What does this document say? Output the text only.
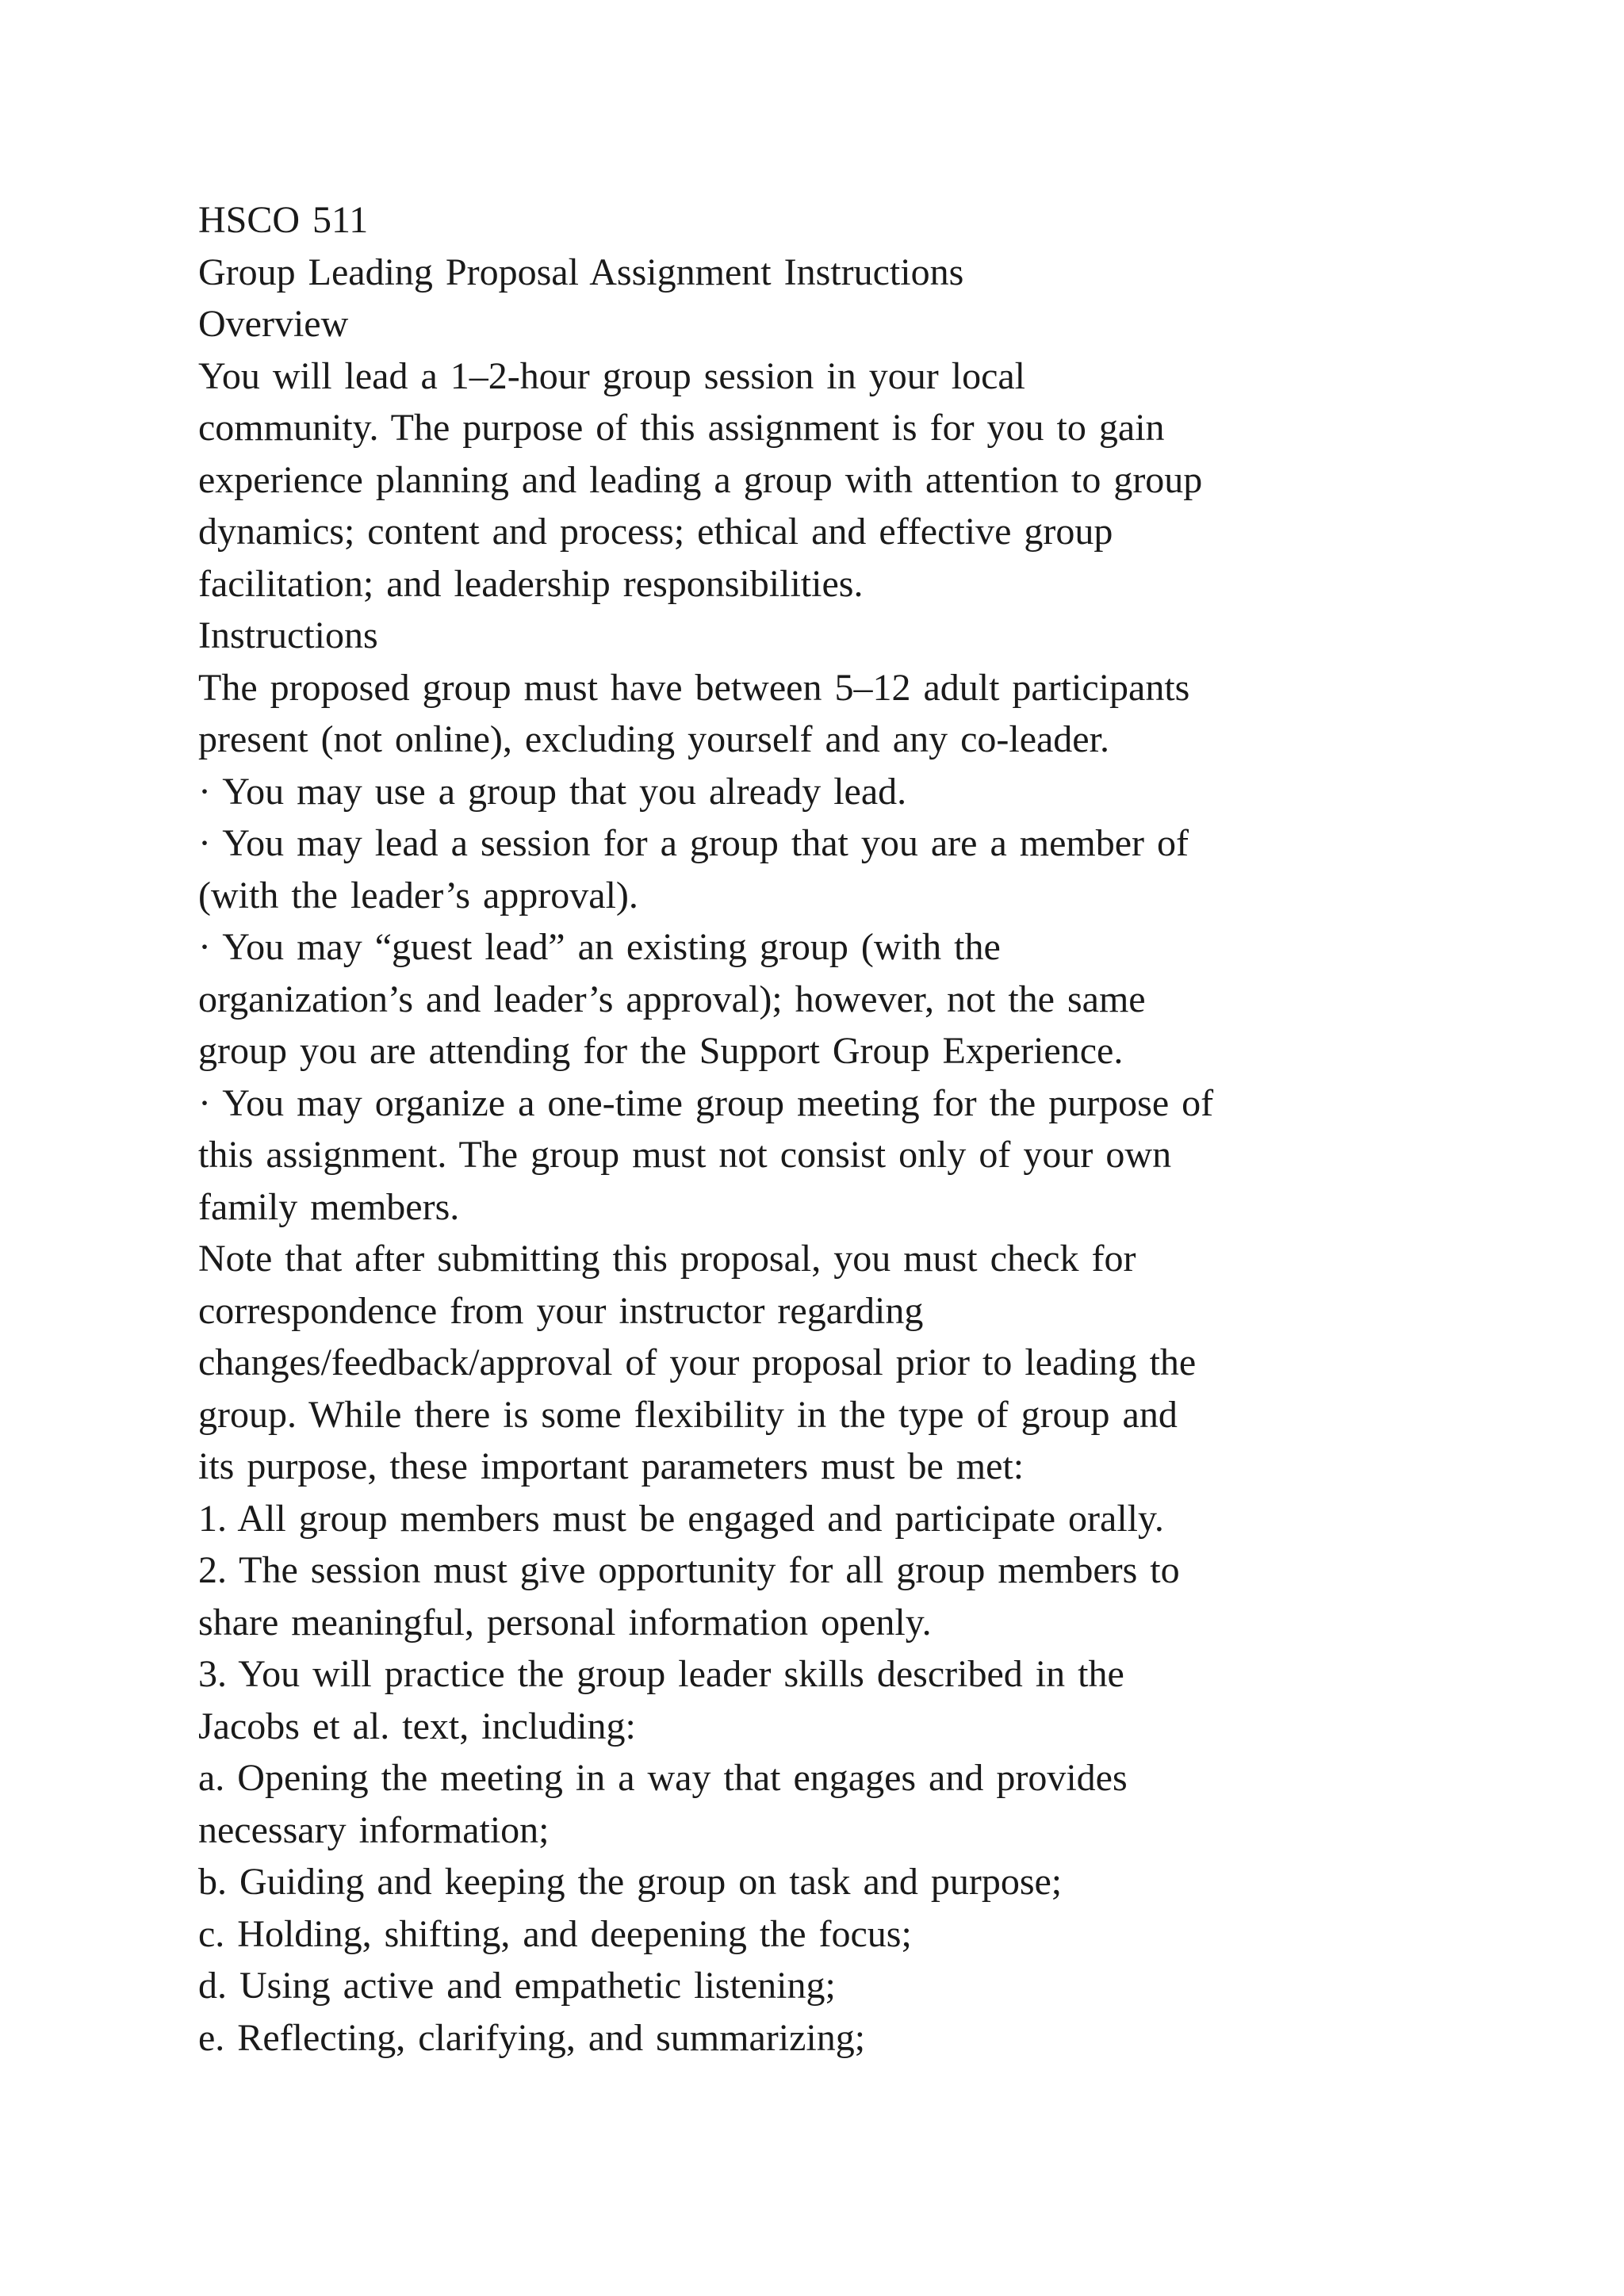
HSCO 511
Group Leading Proposal Assignment Instructions
Overview
You will lead a 1–2-hour group session in your local
community. The purpose of this assignment is for you to gain
experience planning and leading a group with attention to group
dynamics; content and process; ethical and effective group
facilitation; and leadership responsibilities.
Instructions
The proposed group must have between 5–12 adult participants
present (not online), excluding yourself and any co-leader.
· You may use a group that you already lead.
· You may lead a session for a group that you are a member of
(with the leader’s approval).
· You may “guest lead” an existing group (with the
organization’s and leader’s approval); however, not the same
group you are attending for the Support Group Experience.
· You may organize a one-time group meeting for the purpose of
this assignment. The group must not consist only of your own
family members.
Note that after submitting this proposal, you must check for
correspondence from your instructor regarding
changes/feedback/approval of your proposal prior to leading the
group. While there is some flexibility in the type of group and
its purpose, these important parameters must be met:
1. All group members must be engaged and participate orally.
2. The session must give opportunity for all group members to
share meaningful, personal information openly.
3. You will practice the group leader skills described in the
Jacobs et al. text, including:
a. Opening the meeting in a way that engages and provides
necessary information;
b. Guiding and keeping the group on task and purpose;
c. Holding, shifting, and deepening the focus;
d. Using active and empathetic listening;
e. Reflecting, clarifying, and summarizing;
